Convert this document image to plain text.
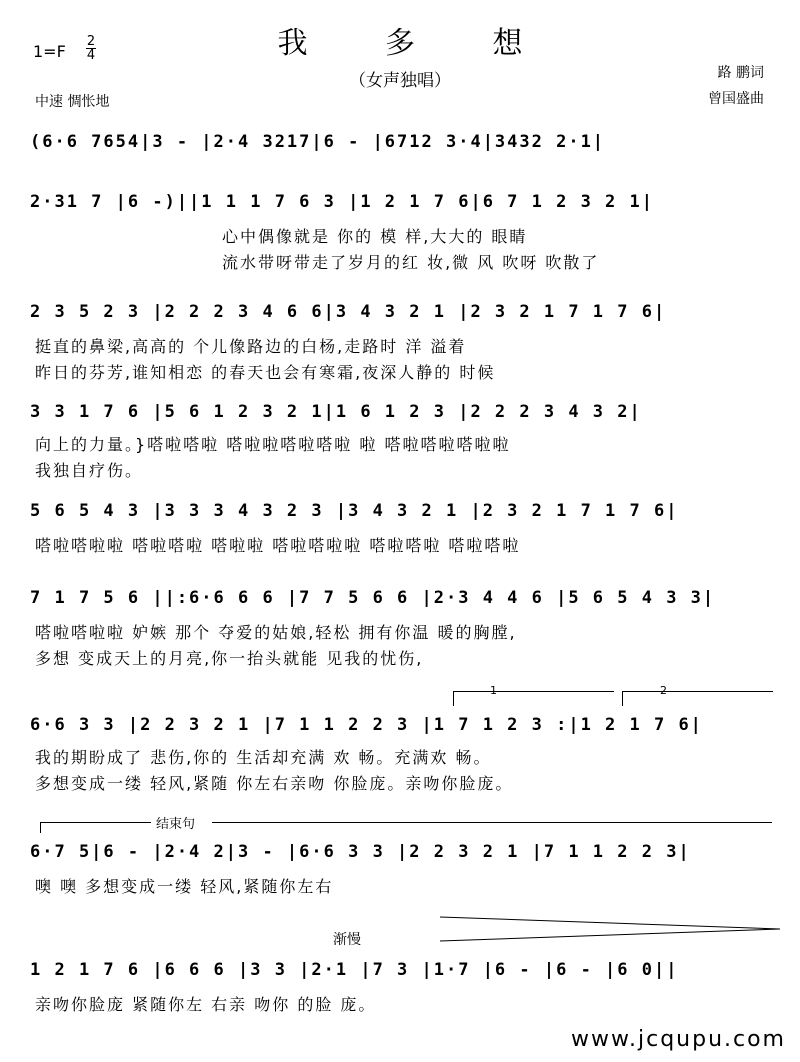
我 多 想
（女声独唱）
1=F
2
4
中速 惆怅地
路 鹏词
曾国盛曲
(6·6 7654|3 - |2·4 3217|6 - |6712 3·4|3432 2·1|
2·31 7 |6 -)||1 1 1 7 6 3 |1 2 1 7 6|6 7 1 2 3 2 1|
心中偶像就是 你的 模 样,大大的 眼睛
流水带呀带走了岁月的红 妆,微 风 吹呀 吹散了
2 3 5 2 3 |2 2 2 3 4 6 6|3 4 3 2 1 |2 3 2 1 7 1 7 6|
挺直的鼻梁,高高的 个儿像路边的白杨,走路时 洋 溢着
昨日的芬芳,谁知相恋 的春天也会有寒霜,夜深人静的 时候
3 3 1 7 6 |5 6 1 2 3 2 1|1 6 1 2 3 |2 2 2 3 4 3 2|
向上的力量。}嗒啦嗒啦 嗒啦啦嗒啦嗒啦 啦 嗒啦嗒啦嗒啦啦
我独自疗伤。
5 6 5 4 3 |3 3 3 4 3 2 3 |3 4 3 2 1 |2 3 2 1 7 1 7 6|
嗒啦嗒啦啦 嗒啦嗒啦 嗒啦啦 嗒啦嗒啦啦 嗒啦嗒啦 嗒啦嗒啦
7 1 7 5 6 ||:6·6 6 6 |7 7 5 6 6 |2·3 4 4 6 |5 6 5 4 3 3|
嗒啦嗒啦啦 妒嫉 那个 夺爱的姑娘,轻松 拥有你温 暖的胸膛,
多想 变成天上的月亮,你一抬头就能 见我的忧伤,
1	2
6·6 3 3 |2 2 3 2 1 |7 1 1 2 2 3 |1 7 1 2 3 :|1 2 1 7 6|
我的期盼成了 悲伤,你的 生活却充满 欢 畅。充满欢 畅。
多想变成一缕 轻风,紧随 你左右亲吻 你脸庞。亲吻你脸庞。
结束句
6·7 5|6 - |2·4 2|3 - |6·6 3 3 |2 2 3 2 1 |7 1 1 2 2 3|
噢 噢 多想变成一缕 轻风,紧随你左右
渐慢
1 2 1 7 6 |6 6 6 |3 3 |2·1 |7 3 |1·7 |6 - |6 - |6 0||
亲吻你脸庞 紧随你左 右亲 吻你 的脸 庞。
www.jcqupu.com
